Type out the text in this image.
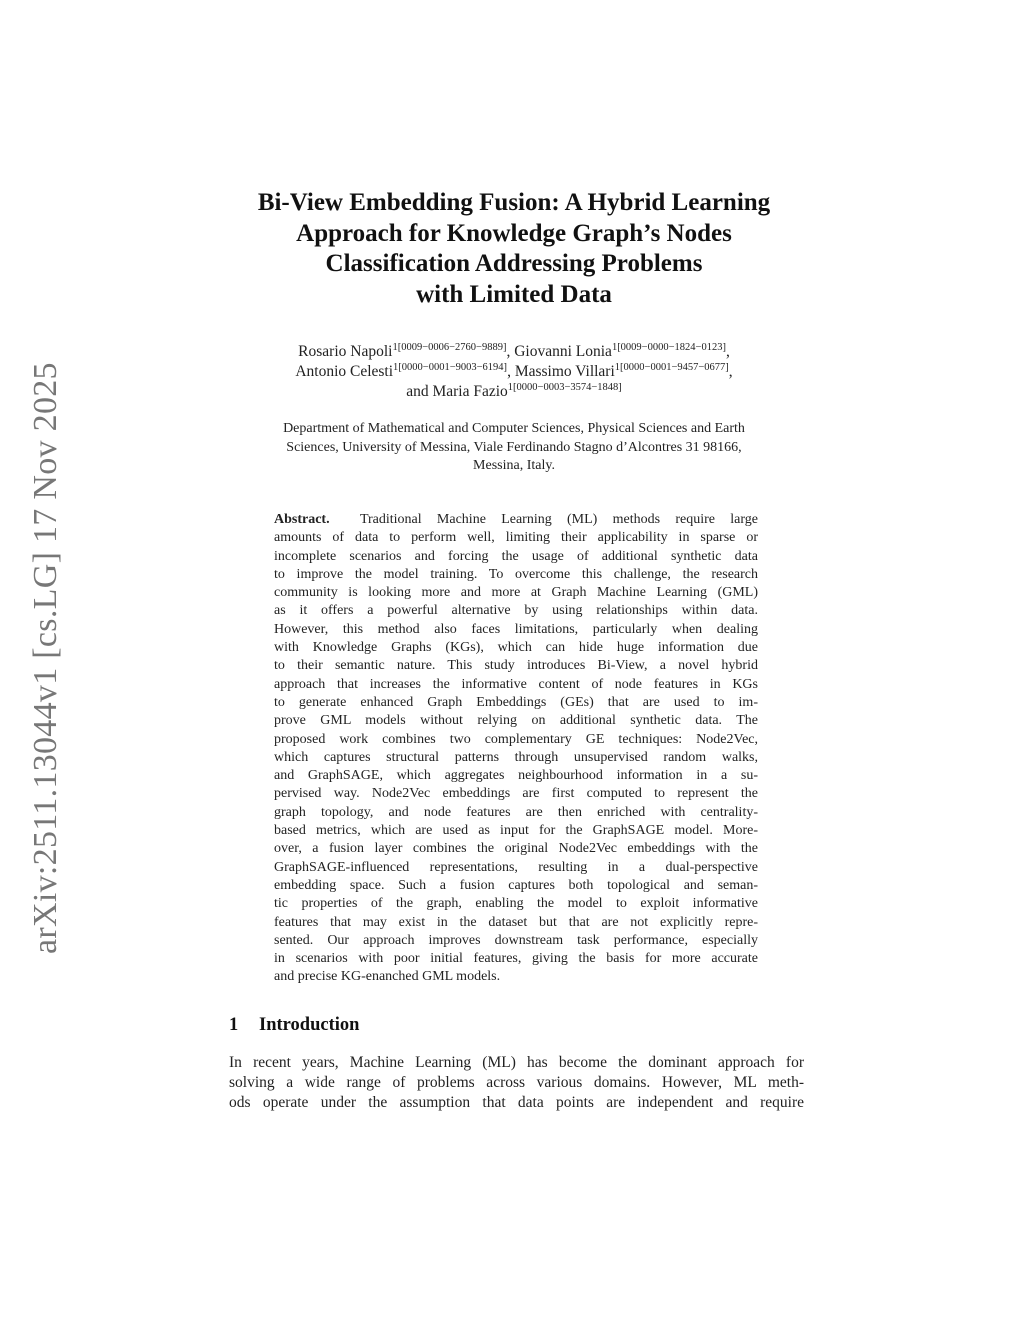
arXiv:2511.13044v1 [cs.LG] 17 Nov 2025
Bi-View Embedding Fusion: A Hybrid Learning
Approach for Knowledge Graph’s Nodes
Classification Addressing Problems
with Limited Data
Rosario Napoli$^{1[0009-0006-2760-9889]}$, Giovanni Lonia$^{1[0009-0000-1824-0123]}$,
Antonio Celesti$^{1[0000-0001-9003-6194]}$, Massimo Villari$^{1[0000-0001-9457-0677]}$,
and Maria Fazio$^{1[0000-0003-3574-1848]}$
Department of Mathematical and Computer Sciences, Physical Sciences and Earth
Sciences, University of Messina, Viale Ferdinando Stagno d’Alcontres 31 98166,
Messina, Italy.
Abstract. Traditional Machine Learning (ML) methods require large
amounts of data to perform well, limiting their applicability in sparse or
incomplete scenarios and forcing the usage of additional synthetic data
to improve the model training. To overcome this challenge, the research
community is looking more and more at Graph Machine Learning (GML)
as it offers a powerful alternative by using relationships within data.
However, this method also faces limitations, particularly when dealing
with Knowledge Graphs (KGs), which can hide huge information due
to their semantic nature. This study introduces Bi-View, a novel hybrid
approach that increases the informative content of node features in KGs
to generate enhanced Graph Embeddings (GEs) that are used to im-
prove GML models without relying on additional synthetic data. The
proposed work combines two complementary GE techniques: Node2Vec,
which captures structural patterns through unsupervised random walks,
and GraphSAGE, which aggregates neighbourhood information in a su-
pervised way. Node2Vec embeddings are first computed to represent the
graph topology, and node features are then enriched with centrality-
based metrics, which are used as input for the GraphSAGE model. More-
over, a fusion layer combines the original Node2Vec embeddings with the
GraphSAGE-influenced representations, resulting in a dual-perspective
embedding space. Such a fusion captures both topological and seman-
tic properties of the graph, enabling the model to exploit informative
features that may exist in the dataset but that are not explicitly repre-
sented. Our approach improves downstream task performance, especially
in scenarios with poor initial features, giving the basis for more accurate
and precise KG-enanched GML models.
1 Introduction
In recent years, Machine Learning (ML) has become the dominant approach for
solving a wide range of problems across various domains. However, ML meth-
ods operate under the assumption that data points are independent and require
